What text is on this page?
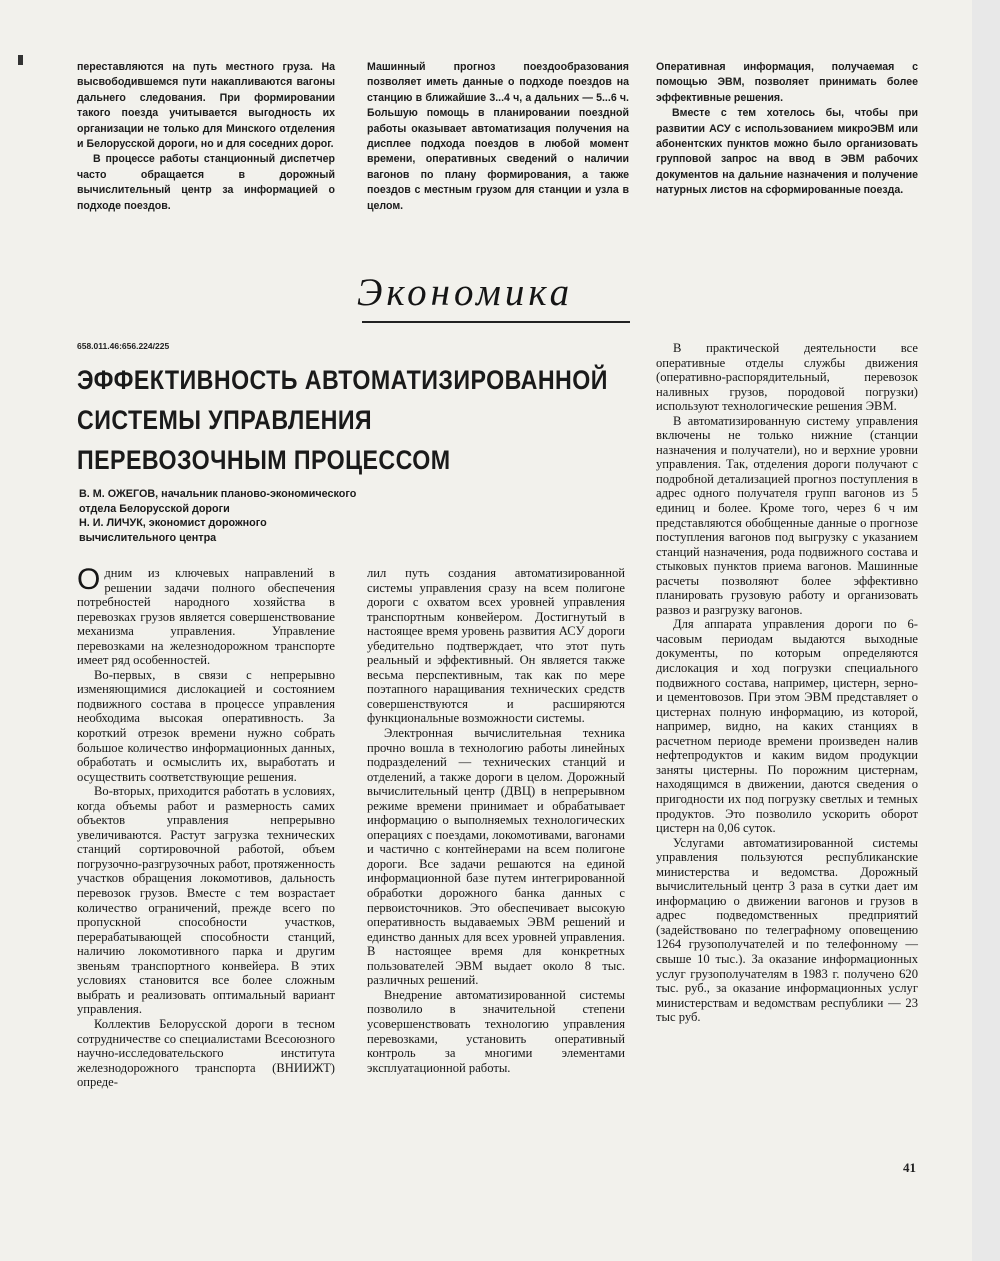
переставляются на путь местного груза. На высвободившемся пути накапливаются вагоны дальнего следования. При формировании такого поезда учитывается выгодность их организации не только для Минского отделения и Белорусской дороги, но и для соседних дорог.

В процессе работы станционный диспетчер часто обращается в дорожный вычислительный центр за информацией о подходе поездов.

Машинный прогноз поездообразования позволяет иметь данные о подходе поездов на станцию в ближайшие 3...4 ч, а дальних — 5...6 ч. Большую помощь в планировании поездной работы оказывает автоматизация получения на дисплее подхода поездов в любой момент времени, оперативных сведений о наличии вагонов по плану формирования, а также поездов с местным грузом для станции и узла в целом.

Оперативная информация, получаемая с помощью ЭВМ, позволяет принимать более эффективные решения.

Вместе с тем хотелось бы, чтобы при развитии АСУ с использованием микроЭВМ или абонентских пунктов можно было организовать групповой запрос на ввод в ЭВМ рабочих документов на дальние назначения и получение натурных листов на сформированные поезда.

Экономика
658.011.46:656.224/225
ЭФФЕКТИВНОСТЬ АВТОМАТИЗИРОВАННОЙ
СИСТЕМЫ УПРАВЛЕНИЯ
ПЕРЕВОЗОЧНЫМ ПРОЦЕССОМ
В. М. ОЖЕГОВ, начальник планово-экономического
отдела Белорусской дороги
Н. И. ЛИЧУК, экономист дорожного
вычислительного центра

Одним из ключевых направлений в решении задачи полного обеспечения потребностей народного хозяйства в перевозках грузов является совершенствование механизма управления. Управление перевозками на железнодорожном транспорте имеет ряд особенностей.

Во-первых, в связи с непрерывно изменяющимися дислокацией и состоянием подвижного состава в процессе управления необходима высокая оперативность. За короткий отрезок времени нужно собрать большое количество информационных данных, обработать и осмыслить их, выработать и осуществить соответствующие решения.

Во-вторых, приходится работать в условиях, когда объемы работ и размерность самих объектов управления непрерывно увеличиваются. Растут загрузка технических станций сортировочной работой, объем погрузочно-разгрузочных работ, протяженность участков обращения локомотивов, дальность перевозок грузов. Вместе с тем возрастает количество ограничений, прежде всего по пропускной способности участков, перерабатывающей способности станций, наличию локомотивного парка и другим звеньям транспортного конвейера. В этих условиях становится все более сложным выбрать и реализовать оптимальный вариант управления.

Коллектив Белорусской дороги в тесном сотрудничестве со специалистами Всесоюзного научно-исследовательского института железнодорожного транспорта (ВНИИЖТ) опреде-

лил путь создания автоматизированной системы управления сразу на всем полигоне дороги с охватом всех уровней управления транспортным конвейером. Достигнутый в настоящее время уровень развития АСУ дороги убедительно подтверждает, что этот путь реальный и эффективный. Он является также весьма перспективным, так как по мере поэтапного наращивания технических средств совершенствуются и расширяются функциональные возможности системы.

Электронная вычислительная техника прочно вошла в технологию работы линейных подразделений — технических станций и отделений, а также дороги в целом. Дорожный вычислительный центр (ДВЦ) в непрерывном режиме времени принимает и обрабатывает информацию о выполняемых технологических операциях с поездами, локомотивами, вагонами и частично с контейнерами на всем полигоне дороги. Все задачи решаются на единой информационной базе путем интегрированной обработки дорожного банка данных с первоисточников. Это обеспечивает высокую оперативность выдаваемых ЭВМ решений и единство данных для всех уровней управления. В настоящее время для конкретных пользователей ЭВМ выдает около 8 тыс. различных решений.

Внедрение автоматизированной системы позволило в значительной степени усовершенствовать технологию управления перевозками, установить оперативный контроль за многими элементами эксплуатационной работы.

В практической деятельности все оперативные отделы службы движения (оперативно-распорядительный, перевозок наливных грузов, породовой погрузки) используют технологические решения ЭВМ.

В автоматизированную систему управления включены не только нижние (станции назначения и получатели), но и верхние уровни управления. Так, отделения дороги получают с подробной детализацией прогноз поступления в адрес одного получателя групп вагонов из 5 единиц и более. Кроме того, через 6 ч им представляются обобщенные данные о прогнозе поступления вагонов под выгрузку с указанием станций назначения, рода подвижного состава и стыковых пунктов приема вагонов. Машинные расчеты позволяют более эффективно планировать грузовую работу и организовать развоз и разгрузку вагонов.

Для аппарата управления дороги по 6-часовым периодам выдаются выходные документы, по которым определяются дислокация и ход погрузки специального подвижного состава, например, цистерн, зерно- и цементовозов. При этом ЭВМ представляет о цистернах полную информацию, из которой, например, видно, на каких станциях в расчетном периоде времени произведен налив нефтепродуктов и каким видом продукции заняты цистерны. По порожним цистернам, находящимся в движении, даются сведения о пригодности их под погрузку светлых и темных продуктов. Это позволило ускорить оборот цистерн на 0,06 суток.

Услугами автоматизированной системы управления пользуются республиканские министерства и ведомства. Дорожный вычислительный центр 3 раза в сутки дает им информацию о движении вагонов и грузов в адрес подведомственных предприятий (задействовано по телеграфному оповещению 1264 грузополучателей и по телефонному — свыше 10 тыс.). За оказание информационных услуг грузополучателям в 1983 г. получено 620 тыс. руб., за оказание информационных услуг министерствам и ведомствам республики — 23 тыс руб.

41
